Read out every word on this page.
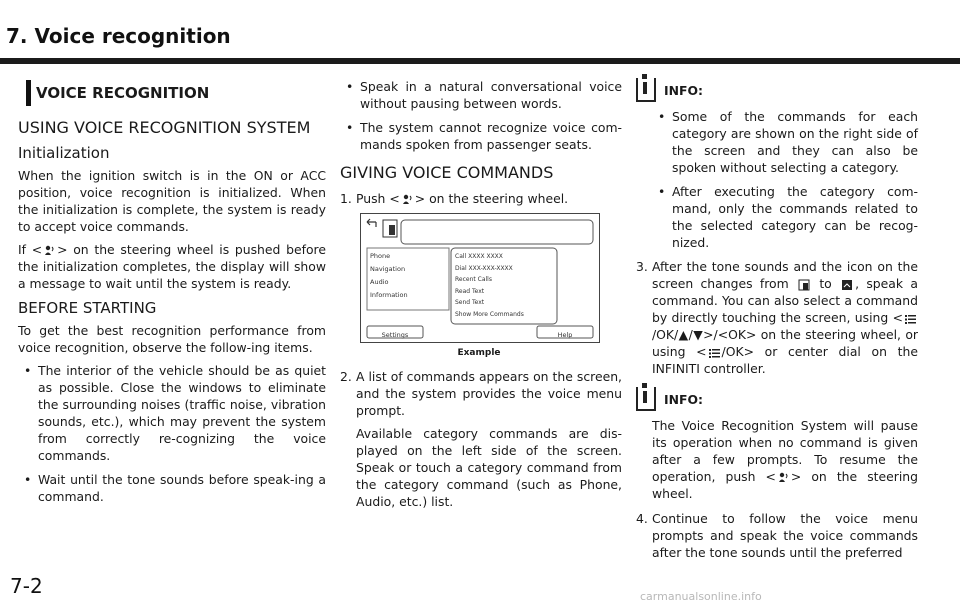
7. Voice recognition
VOICE RECOGNITION
USING VOICE RECOGNITION SYSTEM
Initialization

When the ignition switch is in the ON or ACC position, voice recognition is initialized. When the initialization is complete, the system is ready to accept voice commands.

If < > on the steering wheel is pushed before the initialization completes, the display will show a message to wait until the system is ready.

BEFORE STARTING

To get the best recognition performance from voice recognition, observe the follow-ing items.

• The interior of the vehicle should be as quiet as possible. Close the windows to eliminate the surrounding noises (traffic noise, vibration sounds, etc.), which may prevent the system from correctly re-cognizing the voice commands.
• Wait until the tone sounds before speak-ing a command.
• Speak in a natural conversational voice without pausing between words.
• The system cannot recognize voice com-mands spoken from passenger seats.
GIVING VOICE COMMANDS
1. Push < > on the steering wheel.
Phone
Navigation
Audio
Information
Call XXXX XXXX
Dial XXX-XXX-XXXX
Recent Calls
Read Text
Send Text
Show More Commands
Settings	Help
Example
2. A list of commands appears on the screen, and the system provides the voice menu prompt.
Available category commands are dis-played on the left side of the screen. Speak or touch a category command from the category command (such as Phone, Audio, etc.) list.
INFO:
• Some of the commands for each category are shown on the right side of the screen and they can also be spoken without selecting a category.
• After executing the category com-mand, only the commands related to the selected category can be recog-nized.
3. After the tone sounds and the icon on the screen changes from to , speak a command. You can also select a command by directly touching the screen, using </OK/▲/▼>/<OK> on the steering wheel, or using < /OK> or center dial on the INFINITI controller.
INFO:
The Voice Recognition System will pause its operation when no command is given after a few prompts. To resume the operation, push < > on the steering wheel.
4. Continue to follow the voice menu prompts and speak the voice commands after the tone sounds until the preferred
7-2	carmanualsonline.info
